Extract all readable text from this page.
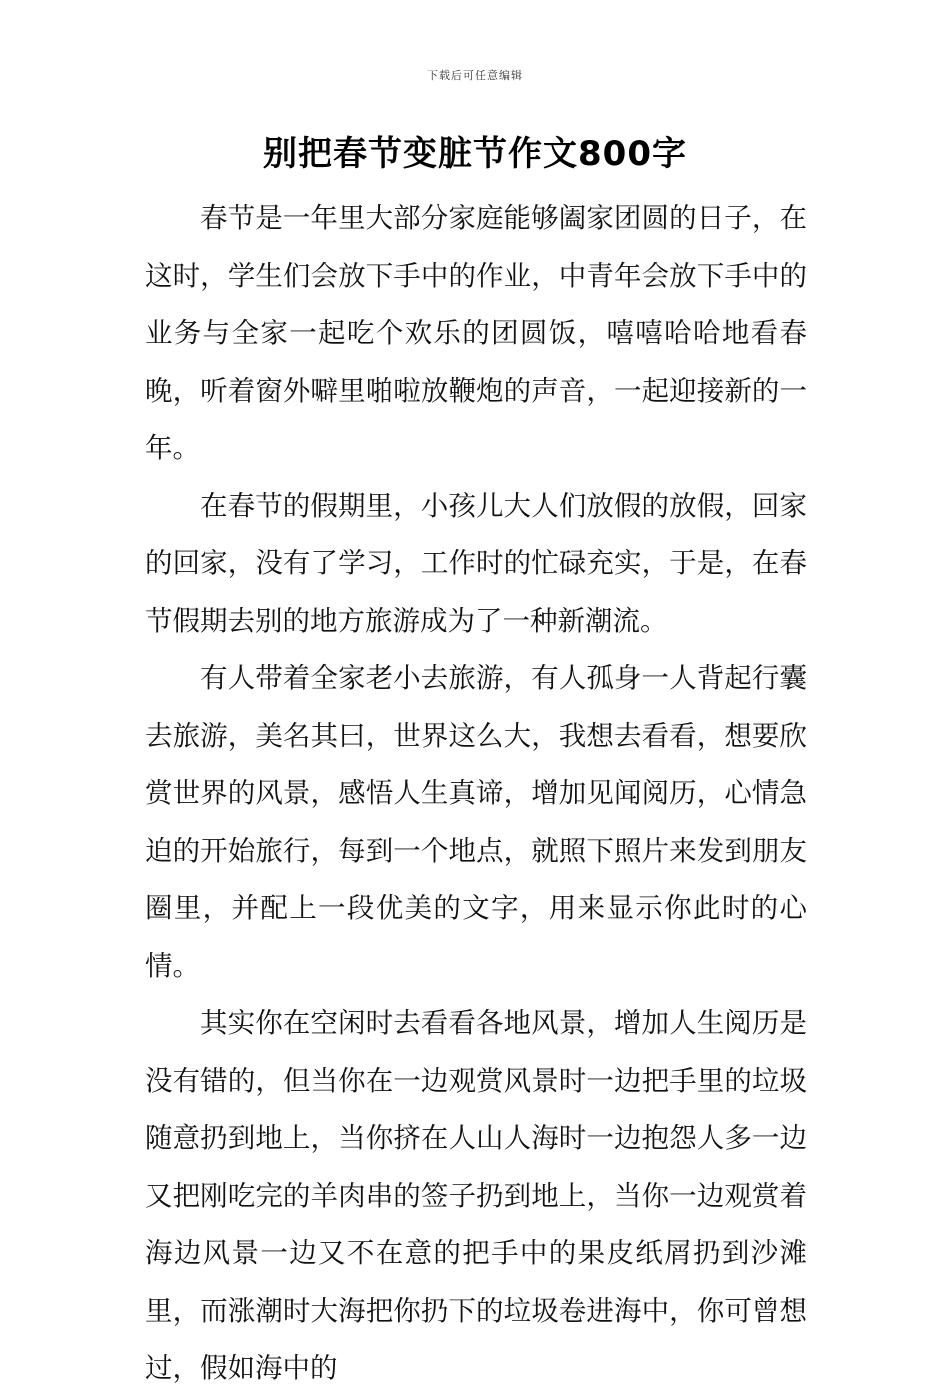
下载后可任意编辑
别把春节变脏节作文800字

春节是一年里大部分家庭能够阖家团圆的日子，在这时，学生们会放下手中的作业，中青年会放下手中的业务与全家一起吃个欢乐的团圆饭，嘻嘻哈哈地看春晚，听着窗外噼里啪啦放鞭炮的声音，一起迎接新的一年。

在春节的假期里，小孩儿大人们放假的放假，回家的回家，没有了学习，工作时的忙碌充实，于是，在春节假期去别的地方旅游成为了一种新潮流。

有人带着全家老小去旅游，有人孤身一人背起行囊去旅游，美名其曰，世界这么大，我想去看看，想要欣赏世界的风景，感悟人生真谛，增加见闻阅历，心情急迫的开始旅行，每到一个地点，就照下照片来发到朋友圈里，并配上一段优美的文字，用来显示你此时的心情。

其实你在空闲时去看看各地风景，增加人生阅历是没有错的，但当你在一边观赏风景时一边把手里的垃圾随意扔到地上，当你挤在人山人海时一边抱怨人多一边又把刚吃完的羊肉串的签子扔到地上，当你一边观赏着海边风景一边又不在意的把手中的果皮纸屑扔到沙滩里，而涨潮时大海把你扔下的垃圾卷进海中，你可曾想过，假如海中的
